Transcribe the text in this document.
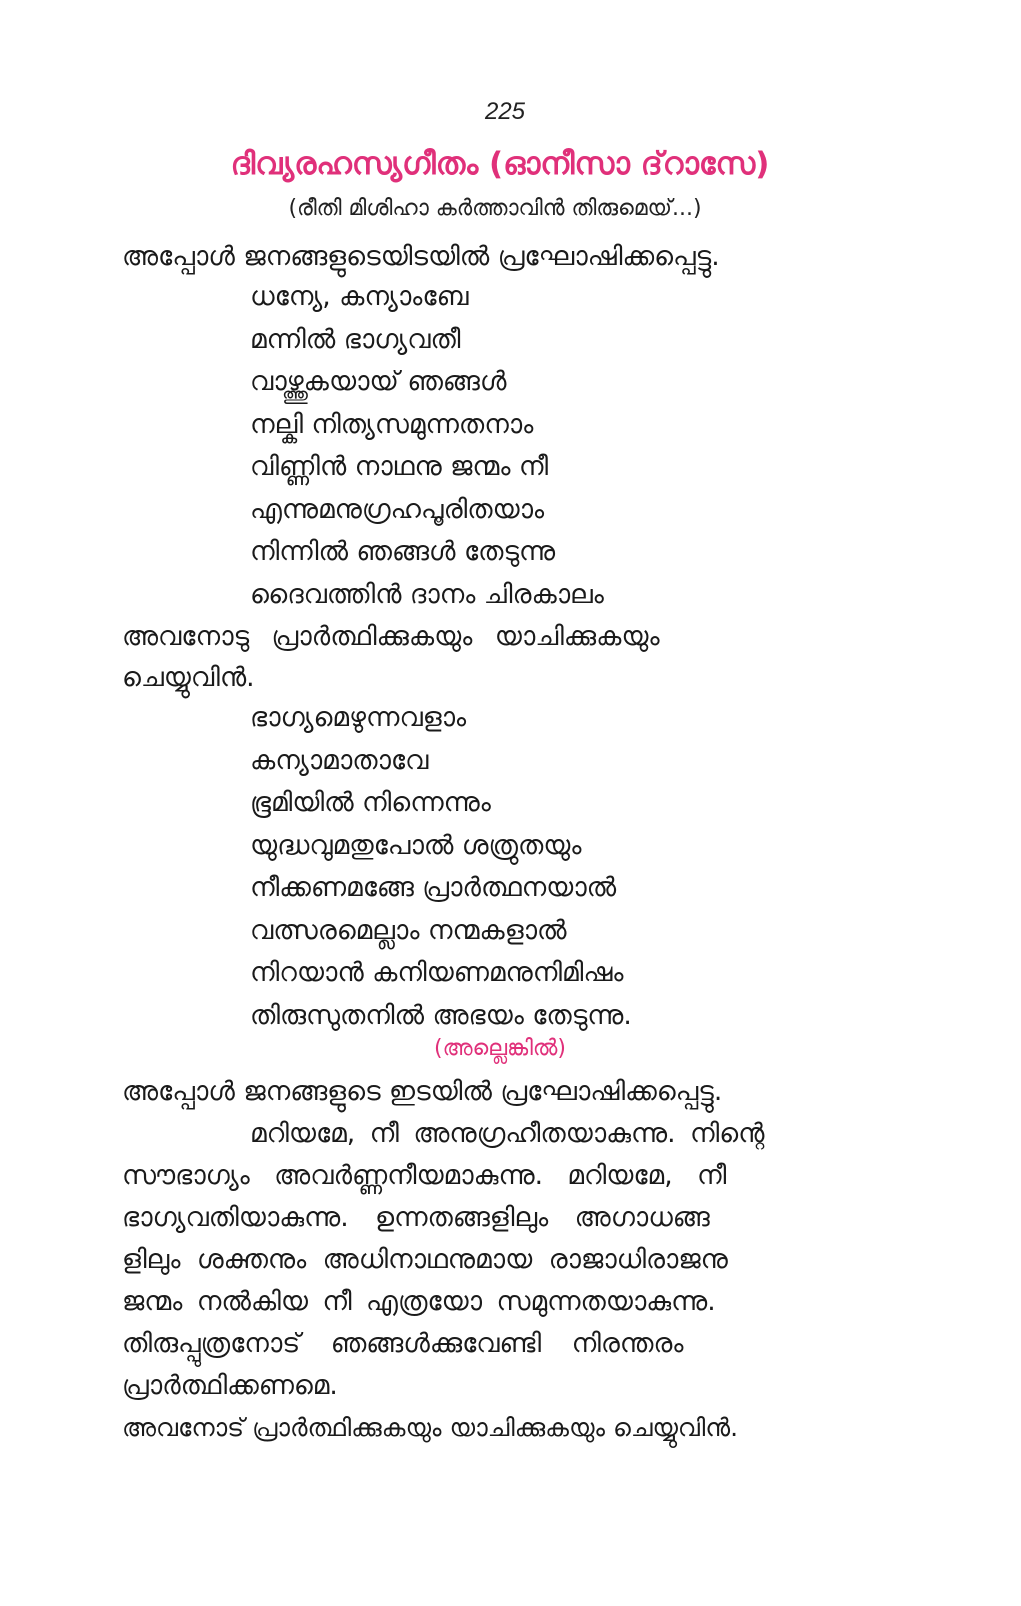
225
ദിവ്യരഹസ്യഗീതം (ഓനീസാ ദ്‌റാസേ)
(രീതി മിശിഹാ കർത്താവിൻ തിരുമെയ്...)
അപ്പോൾ ജനങ്ങളുടെയിടയിൽ പ്രഘോഷിക്കപ്പെട്ടു.
ധന്യേ, കന്യാംബേ
മന്നിൽ ഭാഗ്യവതീ
വാഴ്ത്തുകയായ് ഞങ്ങൾ
നല്കി നിത്യസമുന്നതനാം
വിണ്ണിൻ നാഥനു ജന്മം നീ
എന്നുമനുഗ്രഹപൂരിതയാം
നിന്നിൽ ഞങ്ങൾ തേടുന്നു
ദൈവത്തിൻ ദാനം ചിരകാലം
അവനോടു പ്രാർത്ഥിക്കുകയും യാചിക്കുകയും
ചെയ്യുവിൻ.
ഭാഗ്യമെഴുന്നവളാം
കന്യാമാതാവേ
ഭൂമിയിൽ നിന്നെന്നും
യുദ്ധവുമതുപോൽ ശത്രുതയും
നീക്കണമങ്ങേ പ്രാർത്ഥനയാൽ
വത്സരമെല്ലാം നന്മകളാൽ
നിറയാൻ കനിയണമനുനിമിഷം
തിരുസുതനിൽ അഭയം തേടുന്നു.
(അല്ലെങ്കിൽ)
അപ്പോൾ ജനങ്ങളുടെ ഇടയിൽ പ്രഘോഷിക്കപ്പെട്ടു.
മറിയമേ, നീ അനുഗ്രഹീതയാകുന്നു. നിന്റെ
സൗഭാഗ്യം അവർണ്ണനീയമാകുന്നു. മറിയമേ, നീ
ഭാഗ്യവതിയാകുന്നു. ഉന്നതങ്ങളിലും അഗാധങ്ങ
ളിലും ശക്തനും അധിനാഥനുമായ രാജാധിരാജനു
ജന്മം നൽകിയ നീ എത്രയോ സമുന്നതയാകുന്നു.
തിരുപ്പുത്രനോട് ഞങ്ങൾക്കുവേണ്ടി നിരന്തരം
പ്രാർത്ഥിക്കണമെ.
അവനോട് പ്രാർത്ഥിക്കുകയും യാചിക്കുകയും ചെയ്യുവിൻ.
